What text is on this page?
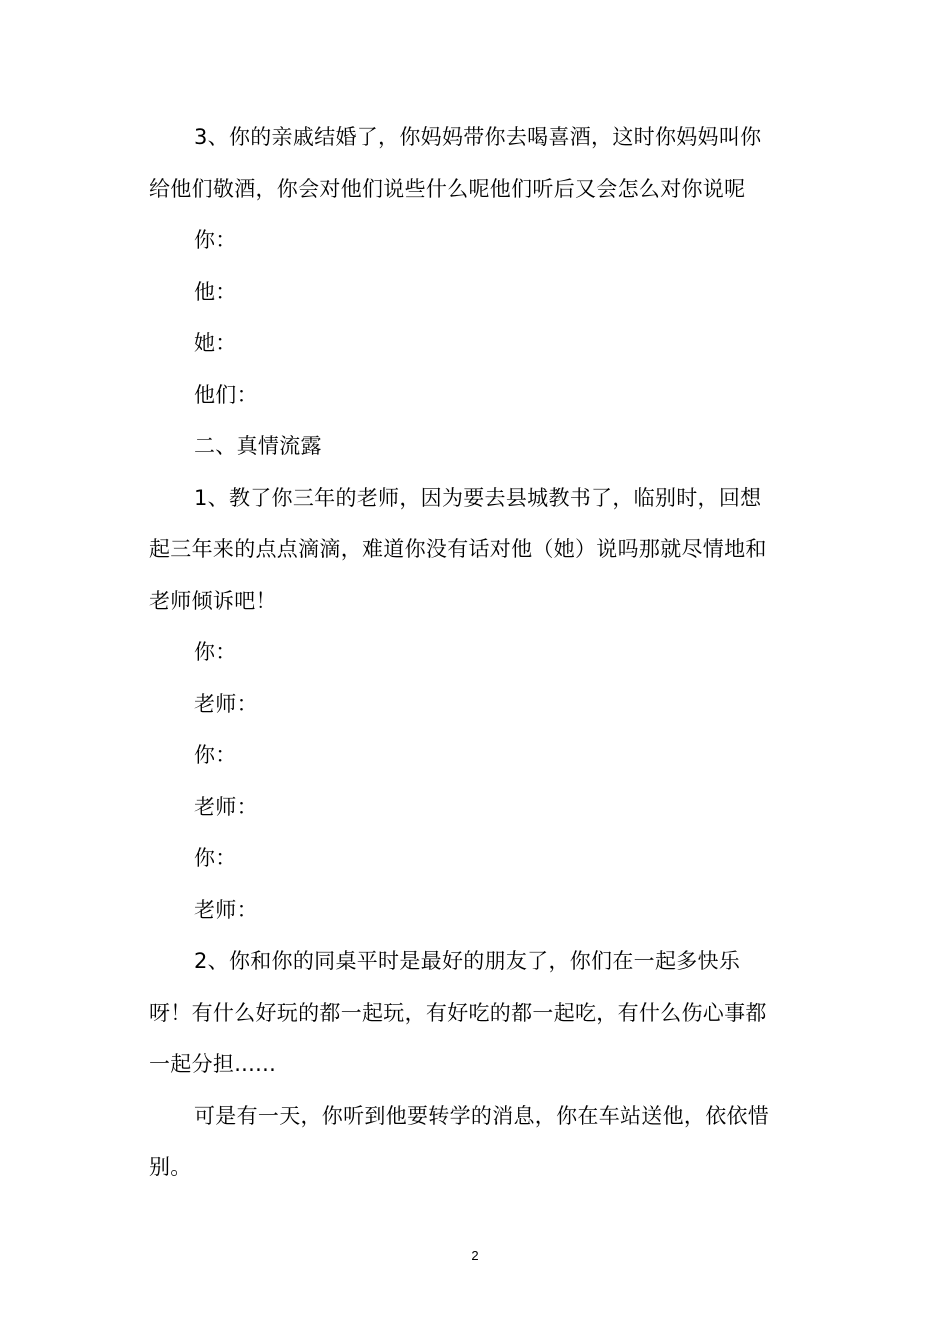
3、你的亲戚结婚了，你妈妈带你去喝喜酒，这时你妈妈叫你
给他们敬酒，你会对他们说些什么呢他们听后又会怎么对你说呢
你：
他：
她：
他们：
二、真情流露
1、教了你三年的老师，因为要去县城教书了，临别时，回想
起三年来的点点滴滴，难道你没有话对他（她）说吗那就尽情地和
老师倾诉吧！
你：
老师：
你：
老师：
你：
老师：
2、你和你的同桌平时是最好的朋友了，你们在一起多快乐
呀！有什么好玩的都一起玩，有好吃的都一起吃，有什么伤心事都
一起分担......
可是有一天，你听到他要转学的消息，你在车站送他，依依惜
别。
2
